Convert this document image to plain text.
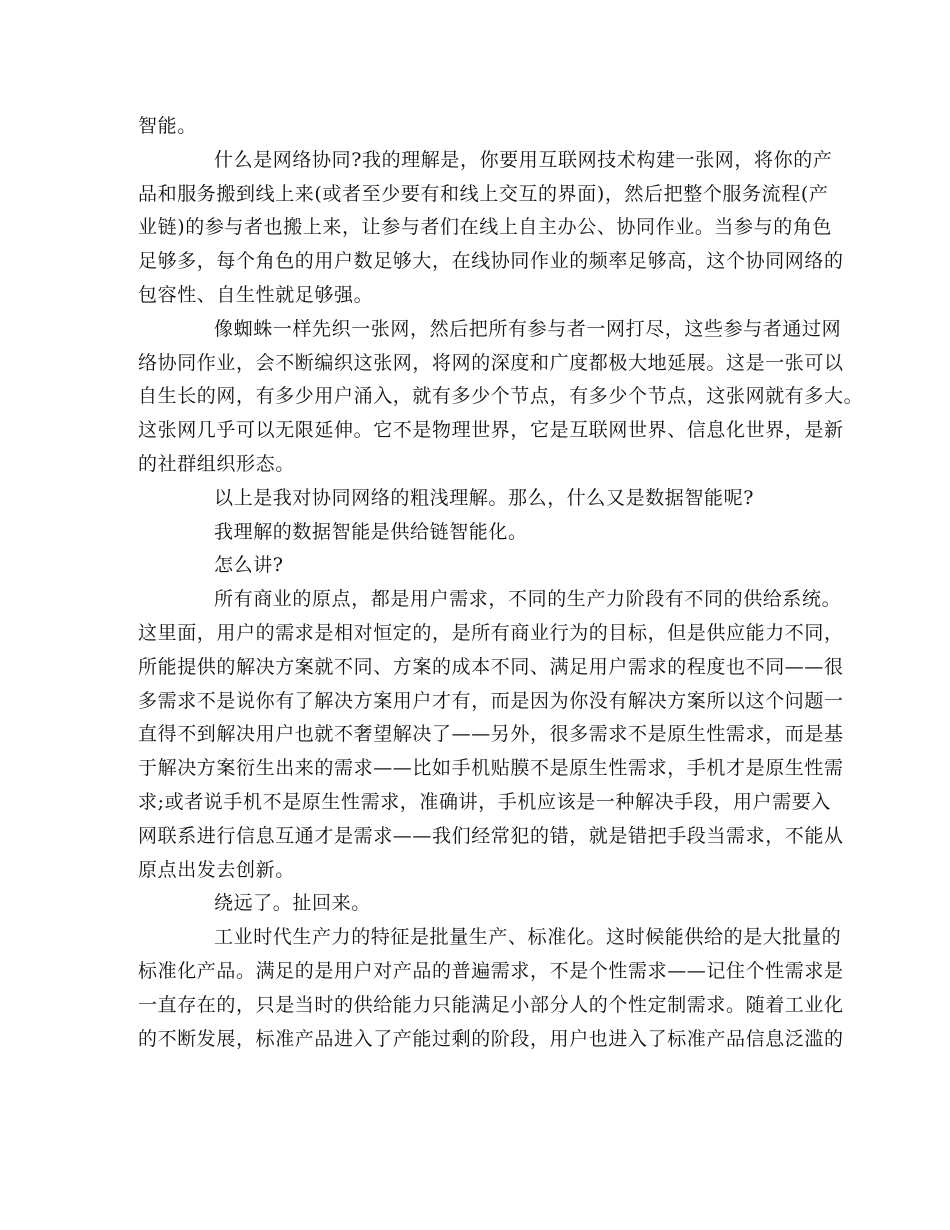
智能。
什么是网络协同?我的理解是，你要用互联网技术构建一张网，将你的产
品和服务搬到线上来(或者至少要有和线上交互的界面)，然后把整个服务流程(产
业链)的参与者也搬上来，让参与者们在线上自主办公、协同作业。当参与的角色
足够多，每个角色的用户数足够大，在线协同作业的频率足够高，这个协同网络的
包容性、自生性就足够强。
像蜘蛛一样先织一张网，然后把所有参与者一网打尽，这些参与者通过网
络协同作业，会不断编织这张网，将网的深度和广度都极大地延展。这是一张可以
自生长的网，有多少用户涌入，就有多少个节点，有多少个节点，这张网就有多大。
这张网几乎可以无限延伸。它不是物理世界，它是互联网世界、信息化世界，是新
的社群组织形态。
以上是我对协同网络的粗浅理解。那么，什么又是数据智能呢?
我理解的数据智能是供给链智能化。
怎么讲?
所有商业的原点，都是用户需求，不同的生产力阶段有不同的供给系统。
这里面，用户的需求是相对恒定的，是所有商业行为的目标，但是供应能力不同，
所能提供的解决方案就不同、方案的成本不同、满足用户需求的程度也不同——很
多需求不是说你有了解决方案用户才有，而是因为你没有解决方案所以这个问题一
直得不到解决用户也就不奢望解决了——另外，很多需求不是原生性需求，而是基
于解决方案衍生出来的需求——比如手机贴膜不是原生性需求，手机才是原生性需
求;或者说手机不是原生性需求，准确讲，手机应该是一种解决手段，用户需要入
网联系进行信息互通才是需求——我们经常犯的错，就是错把手段当需求，不能从
原点出发去创新。
绕远了。扯回来。
工业时代生产力的特征是批量生产、标准化。这时候能供给的是大批量的
标准化产品。满足的是用户对产品的普遍需求，不是个性需求——记住个性需求是
一直存在的，只是当时的供给能力只能满足小部分人的个性定制需求。随着工业化
的不断发展，标准产品进入了产能过剩的阶段，用户也进入了标准产品信息泛滥的
